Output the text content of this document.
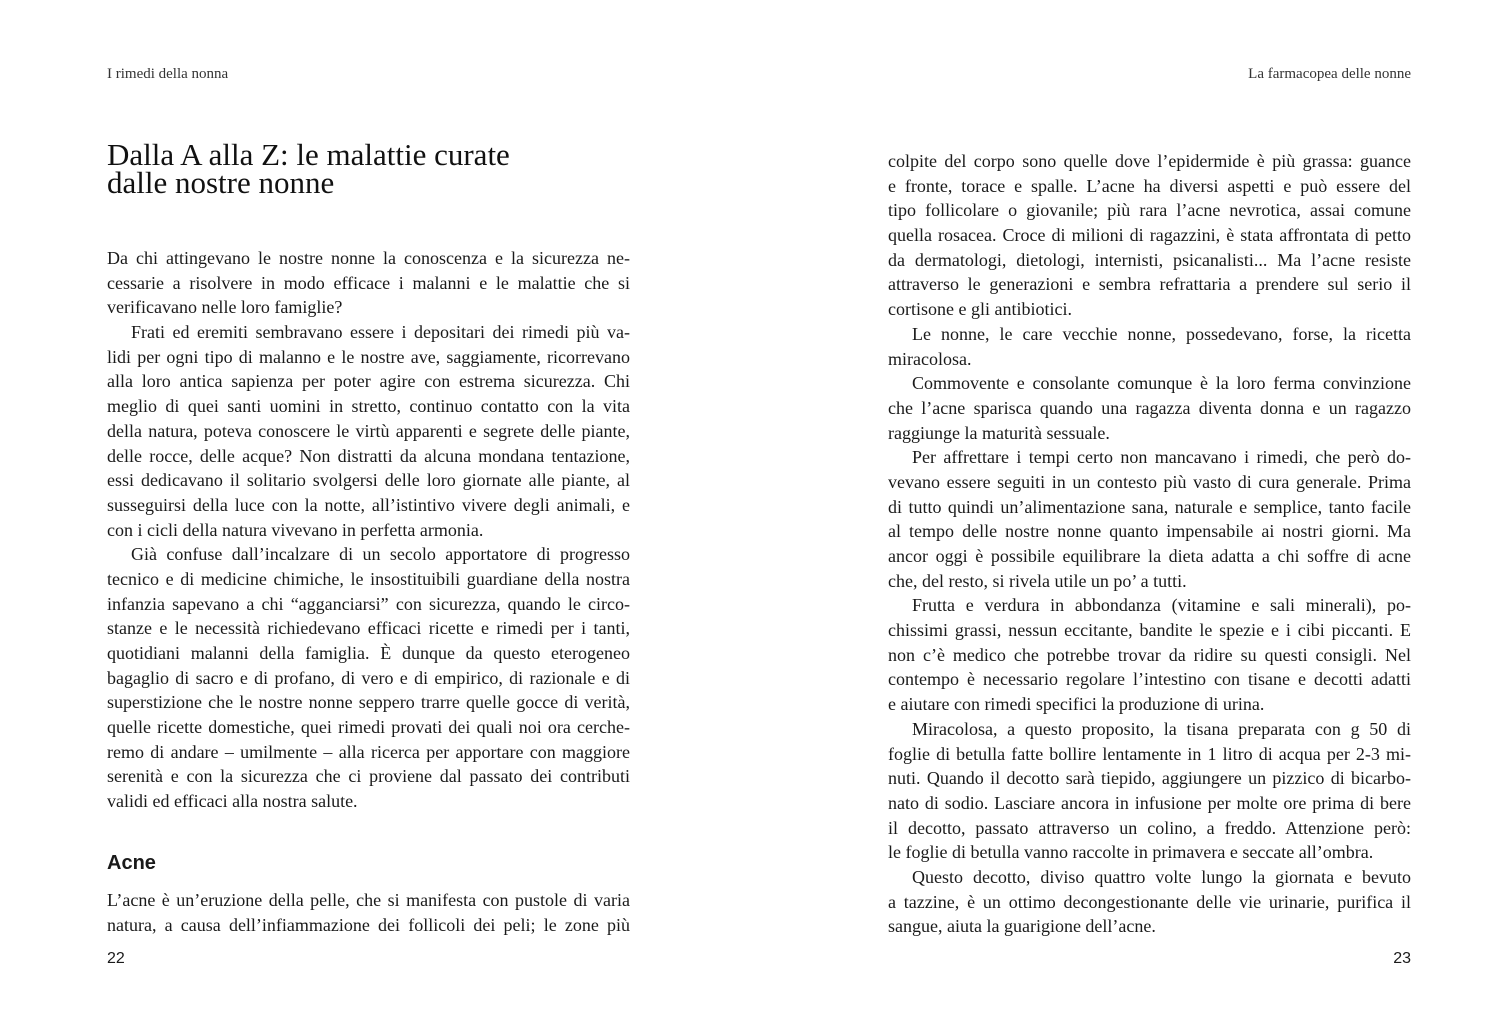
I rimedi della nonna
Dalla A alla Z: le malattie curate
dalle nostre nonne
Da chi attingevano le nostre nonne la conoscenza e la sicurezza ne-
cessarie a risolvere in modo efficace i malanni e le malattie che si
verificavano nelle loro famiglie?
Frati ed eremiti sembravano essere i depositari dei rimedi più va-
lidi per ogni tipo di malanno e le nostre ave, saggiamente, ricorrevano
alla loro antica sapienza per poter agire con estrema sicurezza. Chi
meglio di quei santi uomini in stretto, continuo contatto con la vita
della natura, poteva conoscere le virtù apparenti e segrete delle piante,
delle rocce, delle acque? Non distratti da alcuna mondana tentazione,
essi dedicavano il solitario svolgersi delle loro giornate alle piante, al
susseguirsi della luce con la notte, all’istintivo vivere degli animali, e
con i cicli della natura vivevano in perfetta armonia.
Già confuse dall’incalzare di un secolo apportatore di progresso
tecnico e di medicine chimiche, le insostituibili guardiane della nostra
infanzia sapevano a chi “agganciarsi” con sicurezza, quando le circo-
stanze e le necessità richiedevano efficaci ricette e rimedi per i tanti,
quotidiani malanni della famiglia. È dunque da questo eterogeneo
bagaglio di sacro e di profano, di vero e di empirico, di razionale e di
superstizione che le nostre nonne seppero trarre quelle gocce di verità,
quelle ricette domestiche, quei rimedi provati dei quali noi ora cerche-
remo di andare – umilmente – alla ricerca per apportare con maggiore
serenità e con la sicurezza che ci proviene dal passato dei contributi
validi ed efficaci alla nostra salute.
Acne
L’acne è un’eruzione della pelle, che si manifesta con pustole di varia
natura, a causa dell’infiammazione dei follicoli dei peli; le zone più
22
La farmacopea delle nonne
colpite del corpo sono quelle dove l’epidermide è più grassa: guance
e fronte, torace e spalle. L’acne ha diversi aspetti e può essere del
tipo follicolare o giovanile; più rara l’acne nevrotica, assai comune
quella rosacea. Croce di milioni di ragazzini, è stata affrontata di petto
da dermatologi, dietologi, internisti, psicanalisti... Ma l’acne resiste
attraverso le generazioni e sembra refrattaria a prendere sul serio il
cortisone e gli antibiotici.
Le nonne, le care vecchie nonne, possedevano, forse, la ricetta
miracolosa.
Commovente e consolante comunque è la loro ferma convinzione
che l’acne sparisca quando una ragazza diventa donna e un ragazzo
raggiunge la maturità sessuale.
Per affrettare i tempi certo non mancavano i rimedi, che però do-
vevano essere seguiti in un contesto più vasto di cura generale. Prima
di tutto quindi un’alimentazione sana, naturale e semplice, tanto facile
al tempo delle nostre nonne quanto impensabile ai nostri giorni. Ma
ancor oggi è possibile equilibrare la dieta adatta a chi soffre di acne
che, del resto, si rivela utile un po’ a tutti.
Frutta e verdura in abbondanza (vitamine e sali minerali), po-
chissimi grassi, nessun eccitante, bandite le spezie e i cibi piccanti. E
non c’è medico che potrebbe trovar da ridire su questi consigli. Nel
contempo è necessario regolare l’intestino con tisane e decotti adatti
e aiutare con rimedi specifici la produzione di urina.
Miracolosa, a questo proposito, la tisana preparata con g 50 di
foglie di betulla fatte bollire lentamente in 1 litro di acqua per 2-3 mi-
nuti. Quando il decotto sarà tiepido, aggiungere un pizzico di bicarbo-
nato di sodio. Lasciare ancora in infusione per molte ore prima di bere
il decotto, passato attraverso un colino, a freddo. Attenzione però:
le foglie di betulla vanno raccolte in primavera e seccate all’ombra.
Questo decotto, diviso quattro volte lungo la giornata e bevuto
a tazzine, è un ottimo decongestionante delle vie urinarie, purifica il
sangue, aiuta la guarigione dell’acne.
23
